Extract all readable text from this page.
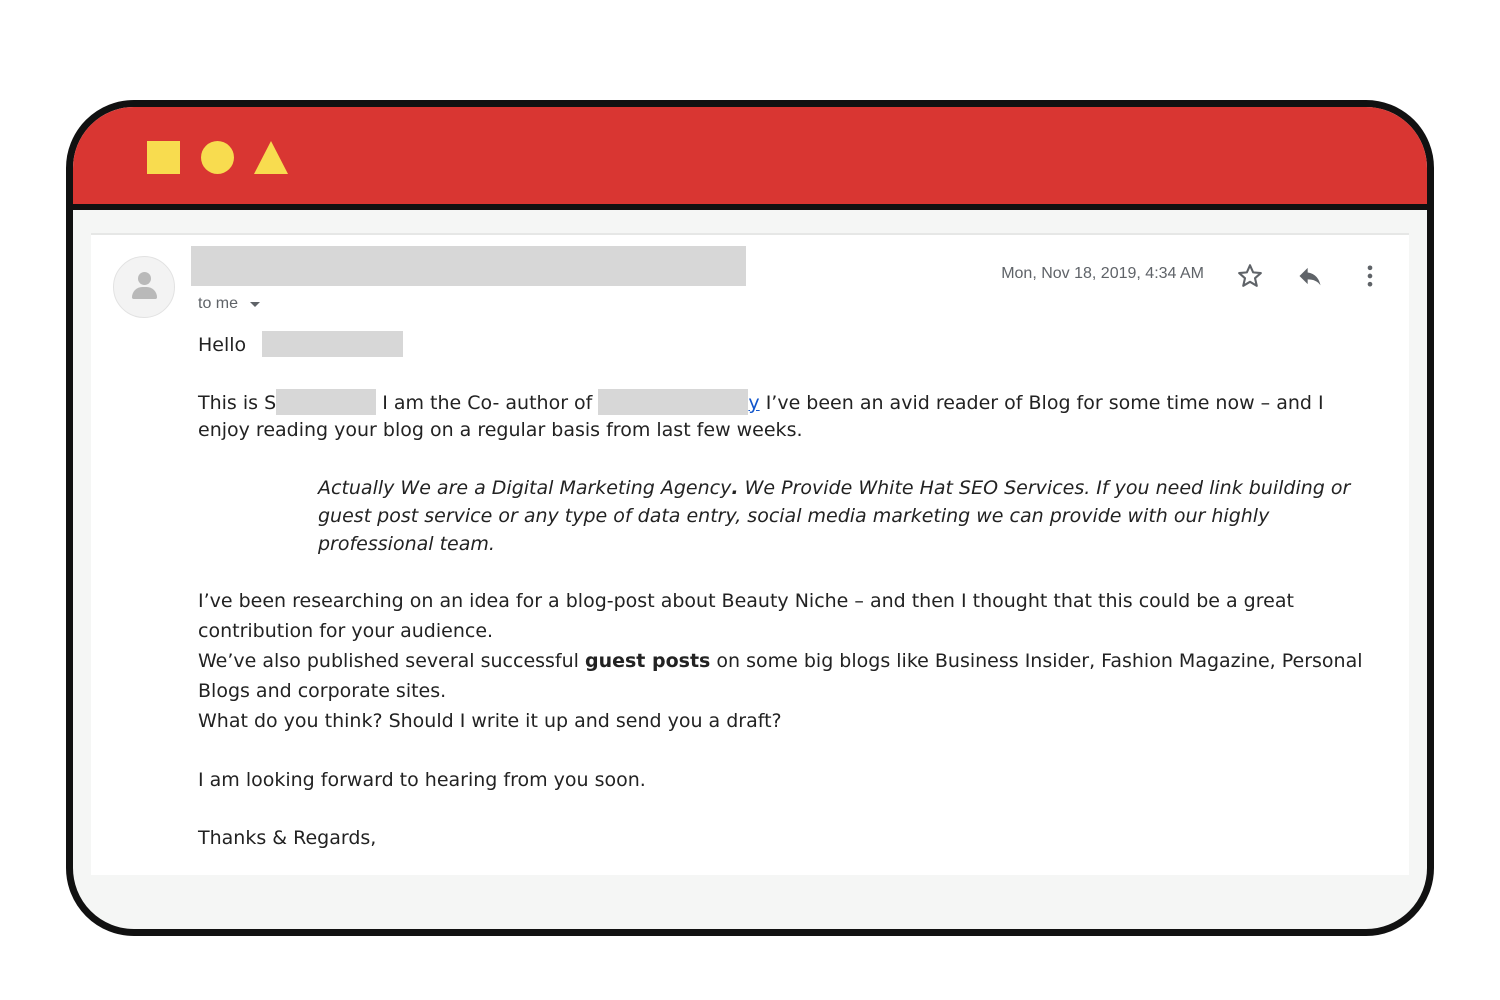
to me
Mon, Nov 18, 2019, 4:34 AM

Hello

This is S	I am the Co- author of	y I’ve been an avid reader of Blog for some time now – and I enjoy reading your blog on a regular basis from last few weeks.

Actually We are a Digital Marketing Agency. We Provide White Hat SEO Services. If you need link building or guest post service or any type of data entry, social media marketing we can provide with our highly professional team.

I’ve been researching on an idea for a blog-post about Beauty Niche – and then I thought that this could be a great contribution for your audience.

We’ve also published several successful guest posts on some big blogs like Business Insider, Fashion Magazine, Personal Blogs and corporate sites.

What do you think? Should I write it up and send you a draft?

I am looking forward to hearing from you soon.

Thanks & Regards,
